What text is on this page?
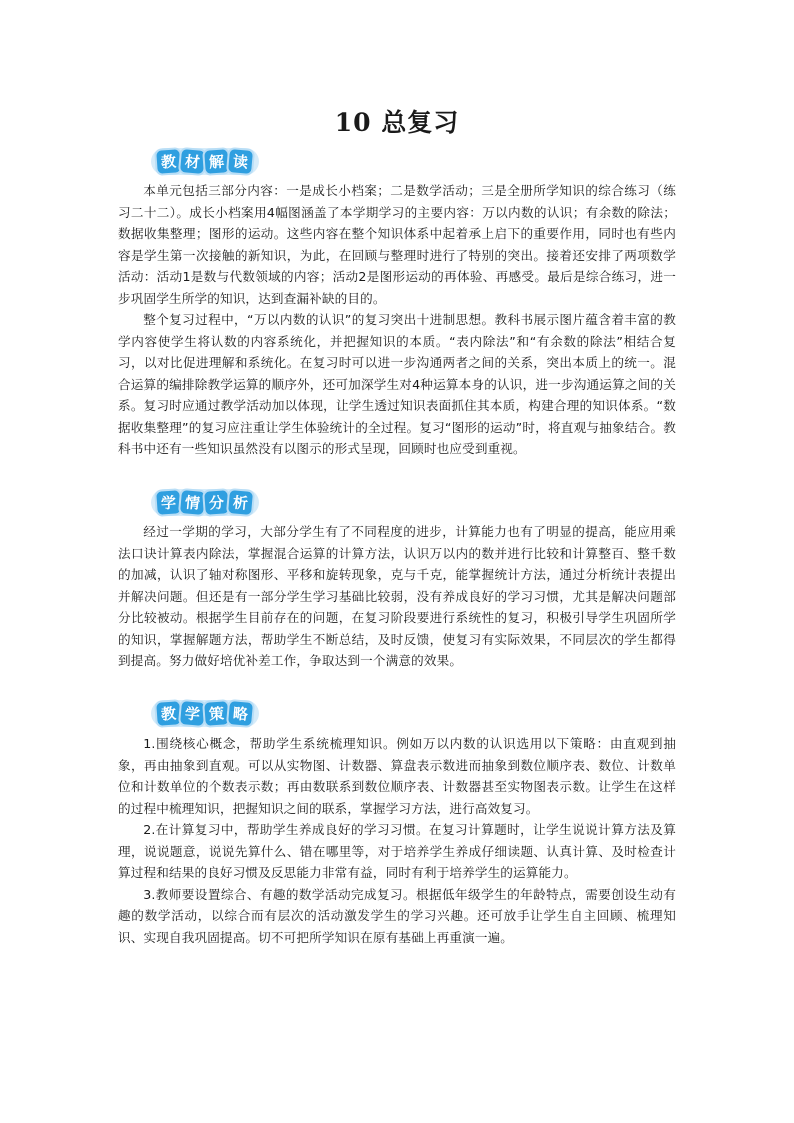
10 总复习
教 材 解 读

本单元包括三部分内容：一是成长小档案；二是数学活动；三是全册所学知识的综合练习（练习二十二）。成长小档案用4幅图涵盖了本学期学习的主要内容：万以内数的认识；有余数的除法；数据收集整理；图形的运动。这些内容在整个知识体系中起着承上启下的重要作用，同时也有些内容是学生第一次接触的新知识，为此，在回顾与整理时进行了特别的突出。接着还安排了两项数学活动：活动1是数与代数领域的内容；活动2是图形运动的再体验、再感受。最后是综合练习，进一步巩固学生所学的知识，达到查漏补缺的目的。

整个复习过程中，“万以内数的认识”的复习突出十进制思想。教科书展示图片蕴含着丰富的教学内容使学生将认数的内容系统化，并把握知识的本质。“表内除法”和“有余数的除法”相结合复习，以对比促进理解和系统化。在复习时可以进一步沟通两者之间的关系，突出本质上的统一。混合运算的编排除教学运算的顺序外，还可加深学生对4种运算本身的认识，进一步沟通运算之间的关系。复习时应通过教学活动加以体现，让学生透过知识表面抓住其本质，构建合理的知识体系。“数据收集整理”的复习应注重让学生体验统计的全过程。复习“图形的运动”时，将直观与抽象结合。教科书中还有一些知识虽然没有以图示的形式呈现，回顾时也应受到重视。

学 情 分 析

经过一学期的学习，大部分学生有了不同程度的进步，计算能力也有了明显的提高，能应用乘法口诀计算表内除法，掌握混合运算的计算方法，认识万以内的数并进行比较和计算整百、整千数的加减，认识了轴对称图形、平移和旋转现象，克与千克，能掌握统计方法，通过分析统计表提出并解决问题。但还是有一部分学生学习基础比较弱，没有养成良好的学习习惯，尤其是解决问题部分比较被动。根据学生目前存在的问题，在复习阶段要进行系统性的复习，积极引导学生巩固所学的知识，掌握解题方法，帮助学生不断总结，及时反馈，使复习有实际效果，不同层次的学生都得到提高。努力做好培优补差工作，争取达到一个满意的效果。

教 学 策 略

1.围绕核心概念，帮助学生系统梳理知识。例如万以内数的认识选用以下策略：由直观到抽象，再由抽象到直观。可以从实物图、计数器、算盘表示数进而抽象到数位顺序表、数位、计数单位和计数单位的个数表示数；再由数联系到数位顺序表、计数器甚至实物图表示数。让学生在这样的过程中梳理知识，把握知识之间的联系，掌握学习方法，进行高效复习。

2.在计算复习中，帮助学生养成良好的学习习惯。在复习计算题时，让学生说说计算方法及算理，说说题意，说说先算什么、错在哪里等，对于培养学生养成仔细读题、认真计算、及时检查计算过程和结果的良好习惯及反思能力非常有益，同时有利于培养学生的运算能力。

3.教师要设置综合、有趣的数学活动完成复习。根据低年级学生的年龄特点，需要创设生动有趣的数学活动，以综合而有层次的活动激发学生的学习兴趣。还可放手让学生自主回顾、梳理知识、实现自我巩固提高。切不可把所学知识在原有基础上再重演一遍。
